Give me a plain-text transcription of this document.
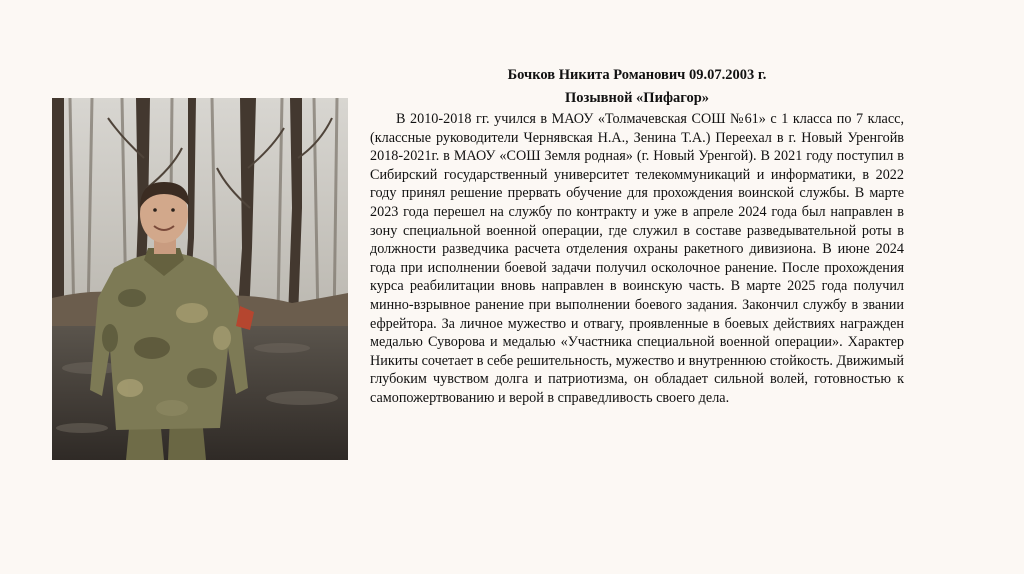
Бочков Никита Романович 09.07.2003 г.
Позывной «Пифагор»

В 2010-2018 гг. учился в МАОУ «Толмачевская СОШ №61» с 1 класса по 7 класс, (классные руководители Чернявская Н.А., Зенина Т.А.) Переехал в г. Новый Уренгойв 2018-2021г. в МАОУ «СОШ Земля родная» (г. Новый Уренгой). В 2021 году поступил в Сибирский государственный университет телекоммуникаций и информатики, в 2022 году принял решение прервать обучение для прохождения воинской службы. В марте 2023 года перешел на службу по контракту и уже в апреле 2024 года был направлен в зону специальной военной операции, где служил в составе разведывательной роты в должности разведчика расчета отделения охраны ракетного дивизиона. В июне 2024 года при исполнении боевой задачи получил осколочное ранение. После прохождения курса реабилитации вновь направлен в воинскую часть. В марте 2025 года получил минно-взрывное ранение при выполнении боевого задания. Закончил службу в звании ефрейтора. За личное мужество и отвагу, проявленные в боевых действиях награжден медалью Суворова и медалью «Участника специальной военной операции». Характер Никиты сочетает в себе решительность, мужество и внутреннюю стойкость. Движимый глубоким чувством долга и патриотизма, он обладает сильной волей, готовностью к самопожертвованию и верой в справедливость своего дела.
